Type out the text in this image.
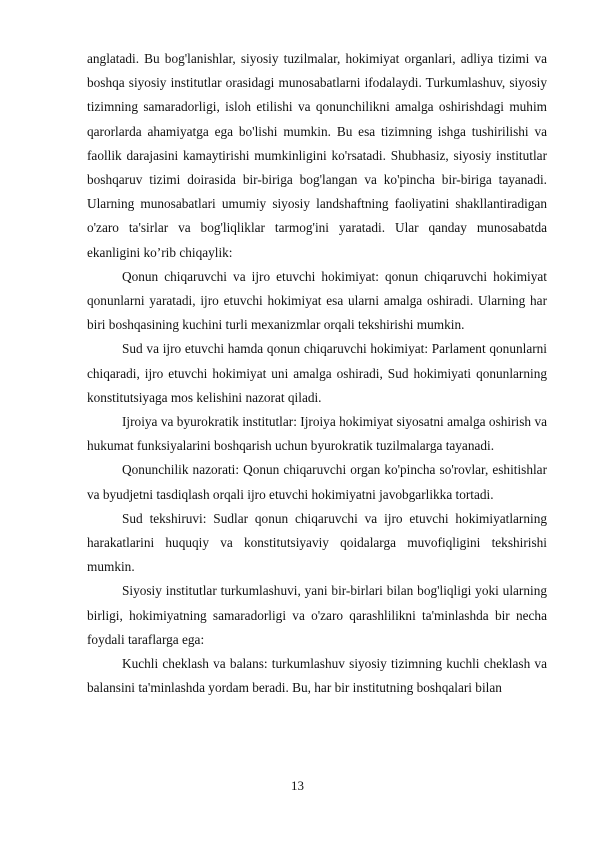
anglatadi. Bu bog'lanishlar, siyosiy tuzilmalar, hokimiyat organlari, adliya tizimi va boshqa siyosiy institutlar orasidagi munosabatlarni ifodalaydi. Turkumlashuv, siyosiy tizimning samaradorligi, isloh etilishi va qonunchilikni amalga oshirishdagi muhim qarorlarda ahamiyatga ega bo'lishi mumkin. Bu esa tizimning ishga tushirilishi va faollik darajasini kamaytirishi mumkinligini ko'rsatadi. Shubhasiz, siyosiy institutlar boshqaruv tizimi doirasida bir-biriga bog'langan va ko'pincha bir-biriga tayanadi. Ularning munosabatlari umumiy siyosiy landshaftning faoliyatini shakllantiradigan o'zaro ta'sirlar va bog'liqliklar tarmog'ini yaratadi. Ular qanday munosabatda ekanligini ko’rib chiqaylik:

Qonun chiqaruvchi va ijro etuvchi hokimiyat: qonun chiqaruvchi hokimiyat qonunlarni yaratadi, ijro etuvchi hokimiyat esa ularni amalga oshiradi. Ularning har biri boshqasining kuchini turli mexanizmlar orqali tekshirishi mumkin.

Sud va ijro etuvchi hamda qonun chiqaruvchi hokimiyat: Parlament qonunlarni chiqaradi, ijro etuvchi hokimiyat uni amalga oshiradi, Sud hokimiyati qonunlarning konstitutsiyaga mos kelishini nazorat qiladi.

Ijroiya va byurokratik institutlar: Ijroiya hokimiyat siyosatni amalga oshirish va hukumat funksiyalarini boshqarish uchun byurokratik tuzilmalarga tayanadi.

Qonunchilik nazorati: Qonun chiqaruvchi organ ko'pincha so'rovlar, eshitishlar va byudjetni tasdiqlash orqali ijro etuvchi hokimiyatni javobgarlikka tortadi.

Sud tekshiruvi: Sudlar qonun chiqaruvchi va ijro etuvchi hokimiyatlarning harakatlarini huquqiy va konstitutsiyaviy qoidalarga muvofiqligini tekshirishi mumkin.

Siyosiy institutlar turkumlashuvi, yani bir-birlari bilan bog'liqligi yoki ularning birligi, hokimiyatning samaradorligi va o'zaro qarashlilikni ta'minlashda bir necha foydali taraflarga ega:

Kuchli cheklash va balans: turkumlashuv siyosiy tizimning kuchli cheklash va balansini ta'minlashda yordam beradi. Bu, har bir institutning boshqalari bilan

13
